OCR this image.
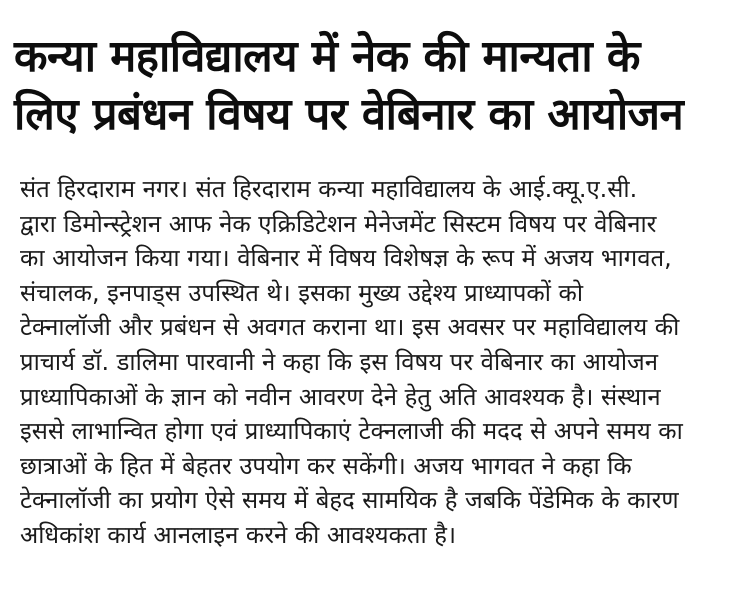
कन्या महाविद्यालय में नेक की मान्यता के
लिए प्रबंधन विषय पर वेबिनार का आयोजन
संत हिरदाराम नगर। संत हिरदाराम कन्या महाविद्यालय के आई.क्यू.ए.सी.
द्वारा डिमोन्स्ट्रेशन आफ नेक एक्रिडिटेशन मेनेजमेंट सिस्टम विषय पर वेबिनार
का आयोजन किया गया। वेबिनार में विषय विशेषज्ञ के रूप में अजय भागवत,
संचालक, इनपाड्स उपस्थित थे। इसका मुख्य उद्देश्य प्राध्यापकों को
टेक्नालॉजी और प्रबंधन से अवगत कराना था। इस अवसर पर महाविद्यालय की
प्राचार्य डॉ. डालिमा पारवानी ने कहा कि इस विषय पर वेबिनार का आयोजन
प्राध्यापिकाओं के ज्ञान को नवीन आवरण देने हेतु अति आवश्यक है। संस्थान
इससे लाभान्वित होगा एवं प्राध्यापिकाएं टेक्नलाजी की मदद से अपने समय का
छात्राओं के हित में बेहतर उपयोग कर सकेंगी। अजय भागवत ने कहा कि
टेक्नालॉजी का प्रयोग ऐसे समय में बेहद सामयिक है जबकि पेंडेमिक के कारण
अधिकांश कार्य आनलाइन करने की आवश्यकता है।
